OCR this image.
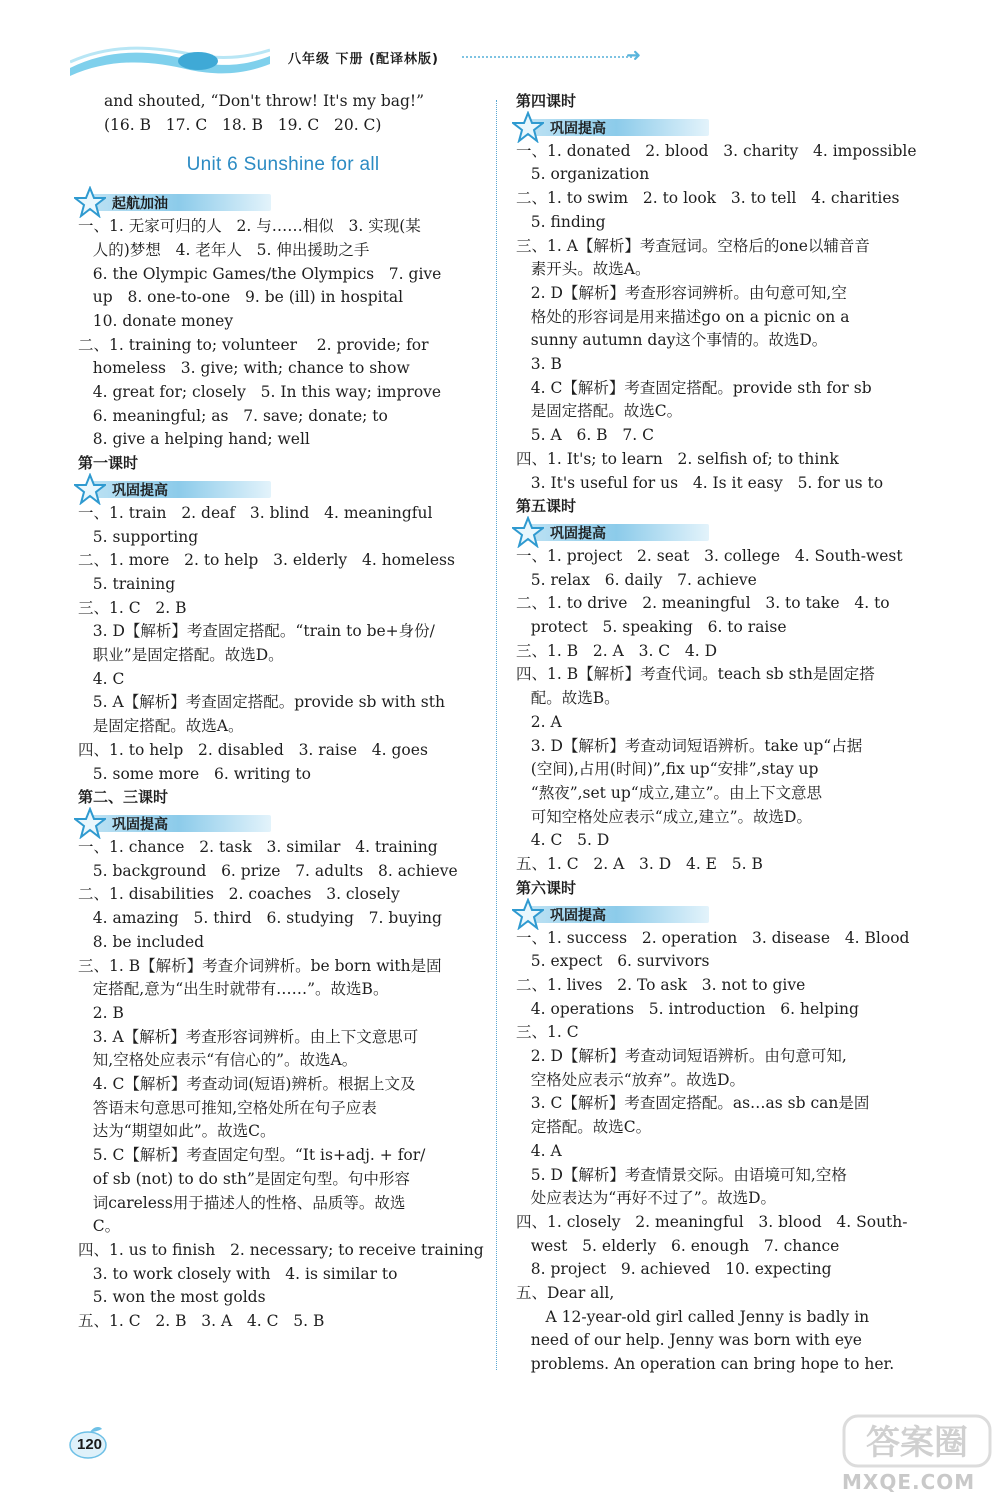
八年级 下册 (配译林版)	➜
and shouted, “Don't throw! It's my bag!”
(16. B   17. C   18. B   19. C   20. C)
Unit 6 Sunshine for all
起航加油
一、1. 无家可归的人   2. 与……相似   3. 实现(某
人的)梦想   4. 老年人   5. 伸出援助之手
6. the Olympic Games/the Olympics   7. give
up   8. one-to-one   9. be (ill) in hospital
10. donate money
二、1. training to; volunteer    2. provide; for
homeless   3. give; with; chance to show
4. great for; closely   5. In this way; improve
6. meaningful; as   7. save; donate; to
8. give a helping hand; well
第一课时
巩固提高
一、1. train   2. deaf   3. blind   4. meaningful
5. supporting
二、1. more   2. to help   3. elderly   4. homeless
5. training
三、1. C   2. B
3. D【解析】考查固定搭配。“train to be+身份/
职业”是固定搭配。故选D。
4. C
5. A【解析】考查固定搭配。provide sb with sth
是固定搭配。故选A。
四、1. to help   2. disabled   3. raise   4. goes
5. some more   6. writing to
第二、三课时
巩固提高
一、1. chance   2. task   3. similar   4. training
5. background   6. prize   7. adults   8. achieve
二、1. disabilities   2. coaches   3. closely
4. amazing   5. third   6. studying   7. buying
8. be included
三、1. B【解析】考查介词辨析。be born with是固
定搭配,意为“出生时就带有……”。故选B。
2. B
3. A【解析】考查形容词辨析。由上下文意思可
知,空格处应表示“有信心的”。故选A。
4. C【解析】考查动词(短语)辨析。根据上文及
答语末句意思可推知,空格处所在句子应表
达为“期望如此”。故选C。
5. C【解析】考查固定句型。“It is+adj. + for/
of sb (not) to do sth”是固定句型。句中形容
词careless用于描述人的性格、品质等。故选
C。
四、1. us to finish   2. necessary; to receive training
3. to work closely with   4. is similar to
5. won the most golds
五、1. C   2. B   3. A   4. C   5. B
第四课时
巩固提高
一、1. donated   2. blood   3. charity   4. impossible
5. organization
二、1. to swim   2. to look   3. to tell   4. charities
5. finding
三、1. A【解析】考查冠词。空格后的one以辅音音
素开头。故选A。
2. D【解析】考查形容词辨析。由句意可知,空
格处的形容词是用来描述go on a picnic on a
sunny autumn day这个事情的。故选D。
3. B
4. C【解析】考查固定搭配。provide sth for sb
是固定搭配。故选C。
5. A   6. B   7. C
四、1. It's; to learn   2. selfish of; to think
3. It's useful for us   4. Is it easy   5. for us to
第五课时
巩固提高
一、1. project   2. seat   3. college   4. South-west
5. relax   6. daily   7. achieve
二、1. to drive   2. meaningful   3. to take   4. to
protect   5. speaking   6. to raise
三、1. B   2. A   3. C   4. D
四、1. B【解析】考查代词。teach sb sth是固定搭
配。故选B。
2. A
3. D【解析】考查动词短语辨析。take up“占据
(空间),占用(时间)”,fix up“安排”,stay up
“熬夜”,set up“成立,建立”。由上下文意思
可知空格处应表示“成立,建立”。故选D。
4. C   5. D
五、1. C   2. A   3. D   4. E   5. B
第六课时
巩固提高
一、1. success   2. operation   3. disease   4. Blood
5. expect   6. survivors
二、1. lives   2. To ask   3. not to give
4. operations   5. introduction   6. helping
三、1. C
2. D【解析】考查动词短语辨析。由句意可知,
空格处应表示“放弃”。故选D。
3. C【解析】考查固定搭配。as…as sb can是固
定搭配。故选C。
4. A
5. D【解析】考查情景交际。由语境可知,空格
处应表达为“再好不过了”。故选D。
四、1. closely   2. meaningful   3. blood   4. South-
west   5. elderly   6. enough   7. chance
8. project   9. achieved   10. expecting
五、Dear all,
A 12-year-old girl called Jenny is badly in
need of our help. Jenny was born with eye
problems. An operation can bring hope to her.
120	答案圈
MXQE.COM
